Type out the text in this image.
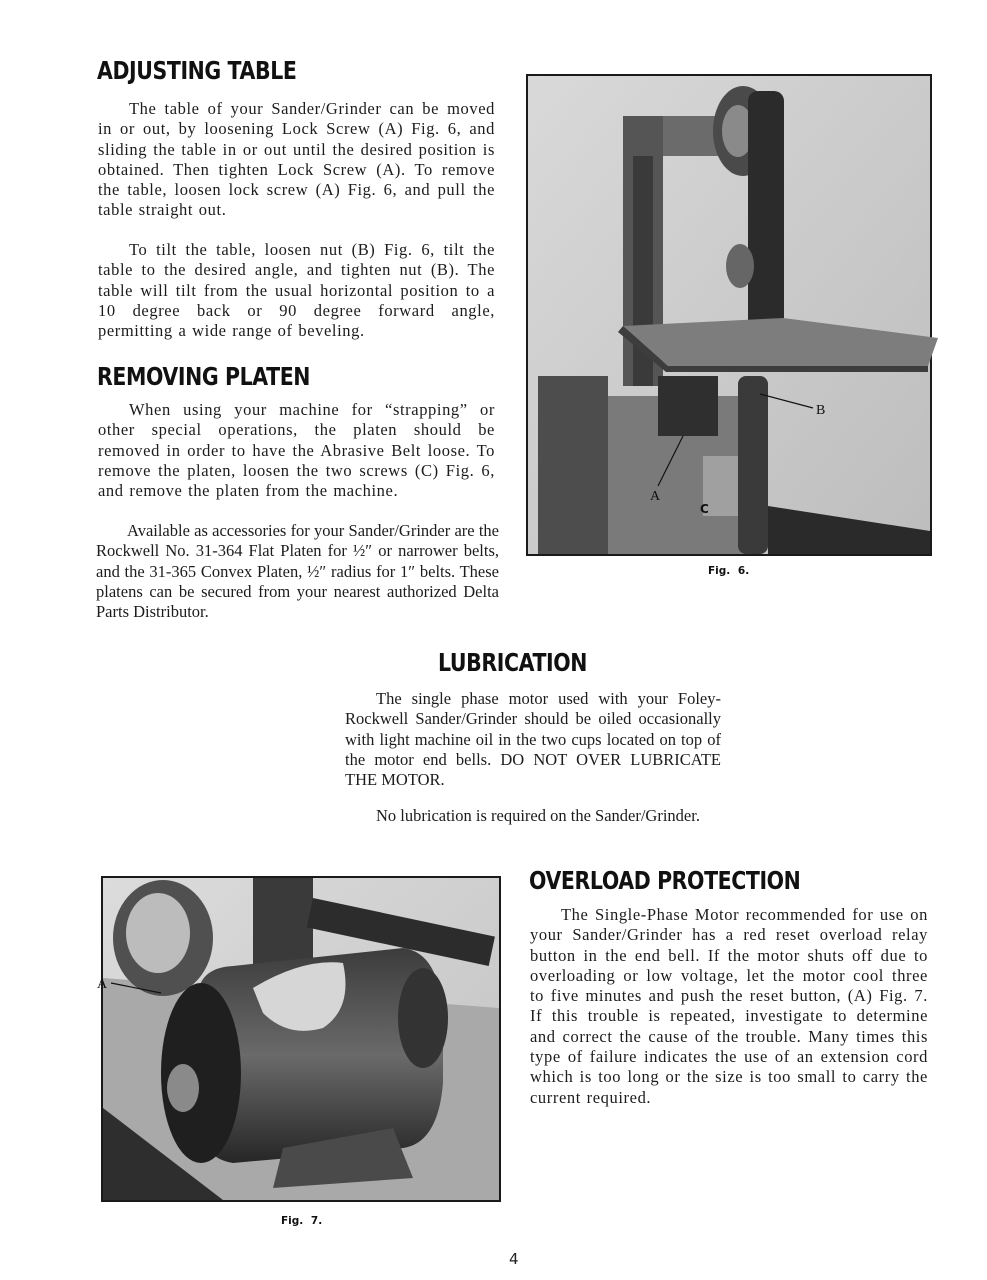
ADJUSTING TABLE

The table of your Sander/Grinder can be moved in or out, by loosening Lock Screw (A) Fig. 6, and sliding the table in or out until the desired position is obtained. Then tighten Lock Screw (A). To remove the table, loosen lock screw (A) Fig. 6, and pull the table straight out.

To tilt the table, loosen nut (B) Fig. 6, tilt the table to the desired angle, and tighten nut (B). The table will tilt from the usual horizontal position to a 10 degree back or 90 degree forward angle, permitting a wide range of beveling.

REMOVING PLATEN

When using your machine for “strapping” or other special operations, the platen should be removed in order to have the Abrasive Belt loose. To remove the platen, loosen the two screws (C) Fig. 6, and remove the platen from the machine.

Available as accessories for your Sander/Grinder are the Rockwell No. 31-364 Flat Platen for ½″ or narrower belts, and the 31-365 Convex Platen, ½″ radius for 1″ belts. These platens can be secured from your nearest authorized Delta Parts Distributor.

B
A
C
Fig. 6.
LUBRICATION

The single phase motor used with your Foley-Rockwell Sander/Grinder should be oiled occasionally with light machine oil in the two cups located on top of the motor end bells. DO NOT OVER LUBRICATE THE MOTOR.

No lubrication is required on the Sander/Grinder.

A
Fig. 7.
OVERLOAD PROTECTION

The Single-Phase Motor recommended for use on your Sander/Grinder has a red reset overload relay button in the end bell. If the motor shuts off due to overloading or low voltage, let the motor cool three to five minutes and push the reset button, (A) Fig. 7. If this trouble is repeated, investigate to determine and correct the cause of the trouble. Many times this type of failure indicates the use of an extension cord which is too long or the size is too small to carry the current required.

4
